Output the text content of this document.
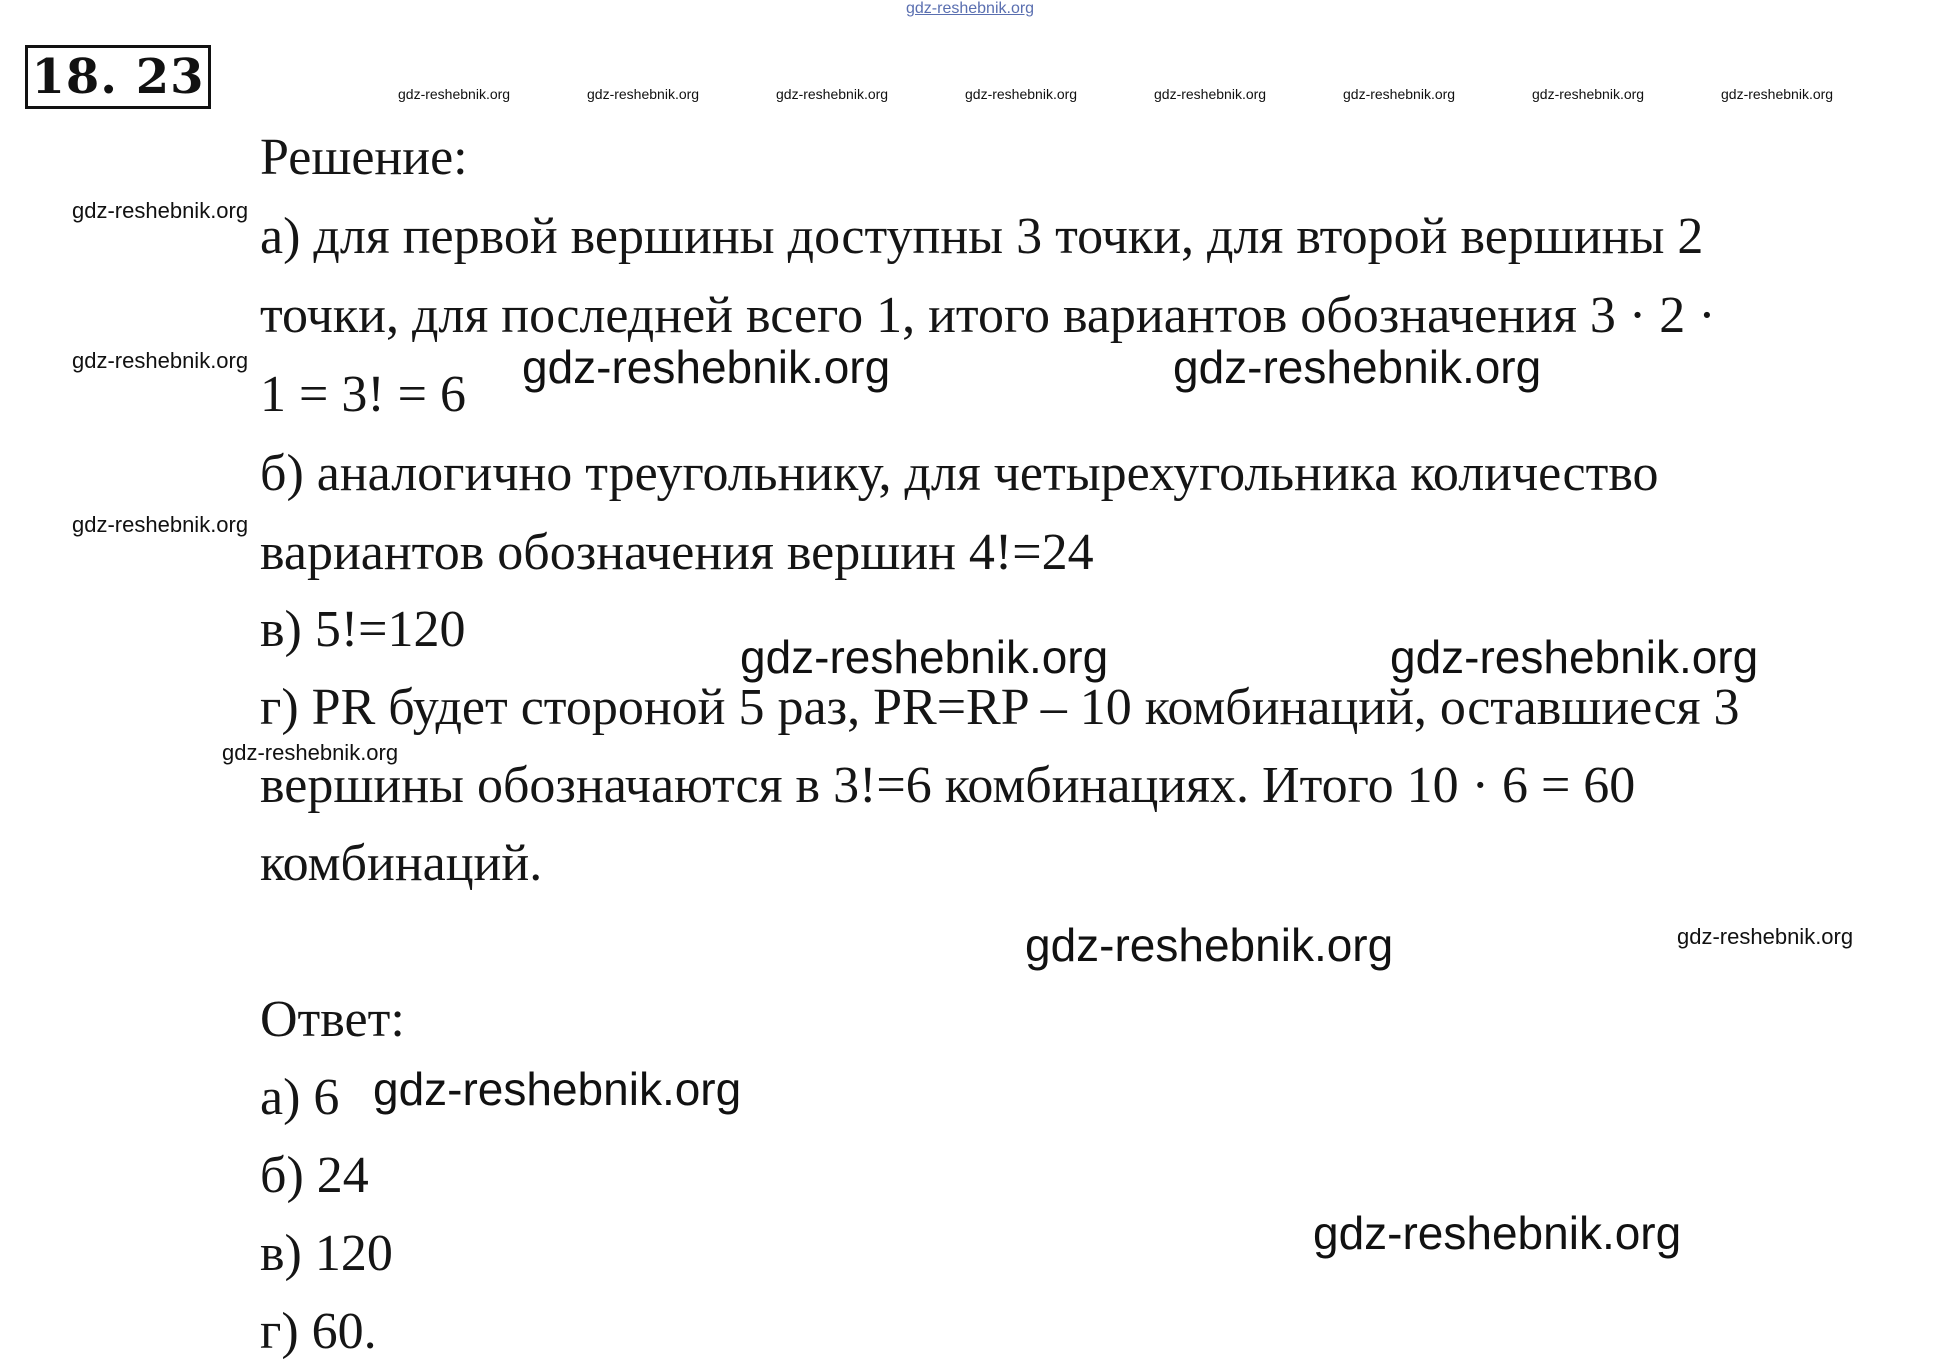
18. 23
Решение:
а) для первой вершины доступны 3 точки, для второй вершины 2
точки, для последней всего 1, итого вариантов обозначения 3 · 2 ·
1 = 3! = 6
б) аналогично треугольнику, для четырехугольника количество
вариантов обозначения вершин 4!=24
в) 5!=120
г) PR будет стороной 5 раз, PR=RP – 10 комбинаций, оставшиеся 3
вершины обозначаются в 3!=6 комбинациях. Итого 10 · 6 = 60
комбинаций.
Ответ:
а) 6
б) 24
в) 120
г) 60.
gdz-reshebnik.org
gdz-reshebnik.org	gdz-reshebnik.org	gdz-reshebnik.org	gdz-reshebnik.org	gdz-reshebnik.org	gdz-reshebnik.org	gdz-reshebnik.org	gdz-reshebnik.org
gdz-reshebnik.org
gdz-reshebnik.org
gdz-reshebnik.org
gdz-reshebnik.org
gdz-reshebnik.org
gdz-reshebnik.org	gdz-reshebnik.org
gdz-reshebnik.org	gdz-reshebnik.org
gdz-reshebnik.org
gdz-reshebnik.org
gdz-reshebnik.org
